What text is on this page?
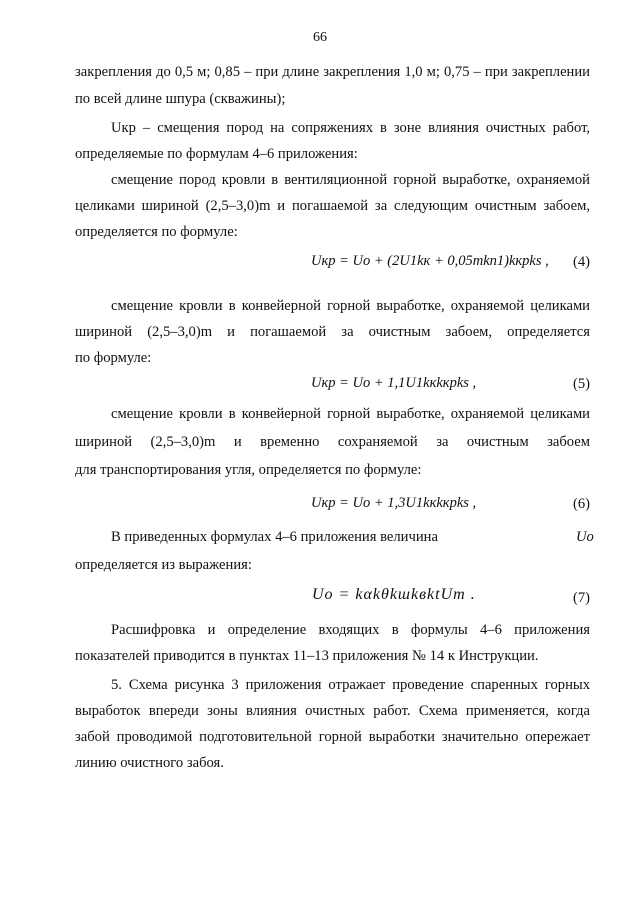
66
закрепления до 0,5 м; 0,85 – при длине закрепления 1,0 м; 0,75 – при закреплении
по всей длине шпура (скважины);
Uкр – смещения пород на сопряжениях в зоне влияния очистных работ,
определяемые по формулам 4–6 приложения:
смещение пород кровли в вентиляционной горной выработке, охраняемой
целиками шириной (2,5–3,0)m и погашаемой за следующим очистным забоем,
определяется по формуле:
Uкр = Uо + (2U1kк + 0,05mkп1)kкрks , (4)
смещение кровли в конвейерной горной выработке, охраняемой целиками
шириной (2,5–3,0)m и погашаемой за очистным забоем, определяется
по формуле:
Uкр = Uо + 1,1U1kкkкрks ,	(5)
смещение кровли в конвейерной горной выработке, охраняемой целиками
шириной (2,5–3,0)m и временно сохраняемой за очистным забоем
для транспортирования угля, определяется по формуле:
Uкр = Uо + 1,3U1kкkкрks ,	(6)
В приведенных формулах 4–6 приложения величина	Uо
определяется из выражения:
Uо = kαkθkшkвktUт .	(7)
Расшифровка и определение входящих в формулы 4–6 приложения
показателей приводится в пунктах 11–13 приложения № 14 к Инструкции.
5. Схема рисунка 3 приложения отражает проведение спаренных горных
выработок впереди зоны влияния очистных работ. Схема применяется, когда
забой проводимой подготовительной горной выработки значительно опережает
линию очистного забоя.
